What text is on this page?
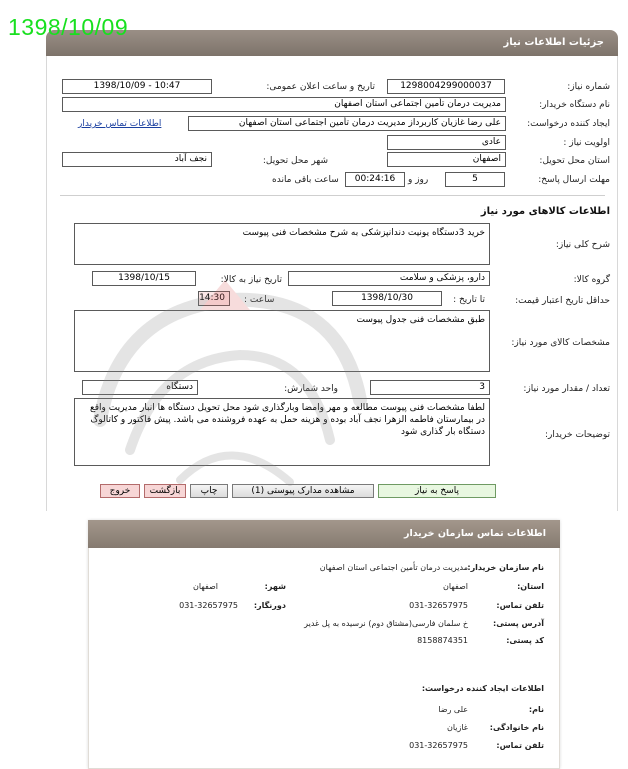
1398/10/09
جزئیات اطلاعات نیاز
شماره نیاز:
1298004299000037
تاریخ و ساعت اعلان عمومی:
1398/10/09 - 10:47
نام دستگاه خریدار:
مدیریت درمان تأمین اجتماعی استان اصفهان
ایجاد کننده درخواست:
علی رضا غازیان کاربرداز مدیریت درمان تأمین اجتماعی استان اصفهان
اطلاعات تماس خریدار
اولویت نیاز :
عادی
استان محل تحویل:
اصفهان
شهر محل تحویل:
نجف آباد
مهلت ارسال پاسخ:
5
روز و
00:24:16
ساعت باقی مانده
اطلاعات کالاهای مورد نیاز
شرح کلی نیاز:
خرید 3دستگاه یونیت دندانپزشکی به شرح مشخصات فنی پیوست
گروه کالا:
دارو، پزشکی و سلامت
تاریخ نیاز به کالا:
1398/10/15
حداقل تاریخ اعتبار قیمت:
تا تاریخ :
1398/10/30
ساعت :
14:30
مشخصات کالای مورد نیاز:
طبق مشخصات فنی جدول پیوست
تعداد / مقدار مورد نیاز:
3
واحد شمارش:
دستگاه
توضیحات خریدار:
لطفا مشخصات فنی پیوست مطالعه و مهر وامضا وبارگذاری شود محل تحویل دستگاه ها انبار مدیریت واقع در بیمارستان فاطمه الزهرا نجف آباد بوده و هزینه حمل به عهده فروشنده می باشد. پیش فاکتور و کاتالوگ دستگاه بار گذاری شود
پاسخ به نیاز
مشاهده مدارک پیوستی (1)
چاپ
بازگشت
خروج
اطلاعات تماس سازمان خریدار
نام سازمان خریدار:
مدیریت درمان تأمین اجتماعی استان اصفهان
استان:
اصفهان
شهر:
اصفهان
تلفن تماس:
031-32657975
دورنگار:
031-32657975
آدرس پستی:
خ سلمان فارسی(مشتاق دوم) نرسیده به پل غدیر
کد پستی:
8158874351
اطلاعات ایجاد کننده درخواست:
نام:
علی رضا
نام خانوادگی:
غازیان
تلفن تماس:
031-32657975
